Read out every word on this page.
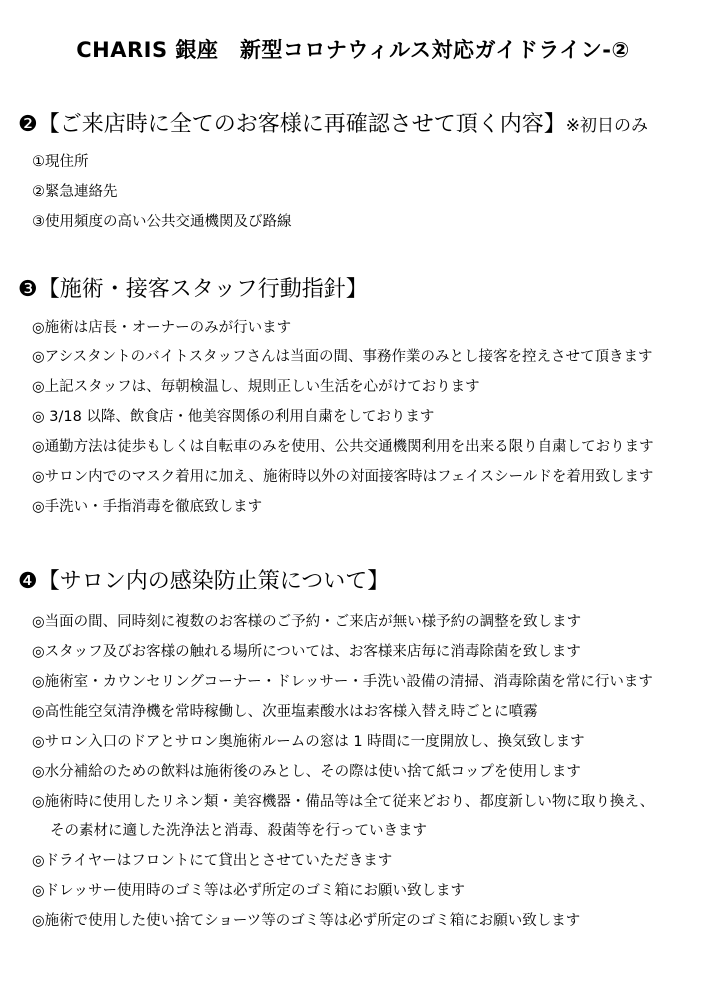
CHARIS 銀座　新型コロナウィルス対応ガイドライン-②
❷【ご来店時に全てのお客様に再確認させて頂く内容】※初日のみ
①現住所
②緊急連絡先
③使用頻度の高い公共交通機関及び路線
❸【施術・接客スタッフ行動指針】
◎施術は店長・オーナーのみが行います
◎アシスタントのバイトスタッフさんは当面の間、事務作業のみとし接客を控えさせて頂きます
◎上記スタッフは、毎朝検温し、規則正しい生活を心がけております
◎ 3/18 以降、飲食店・他美容関係の利用自粛をしております
◎通勤方法は徒歩もしくは自転車のみを使用、公共交通機関利用を出来る限り自粛しております
◎サロン内でのマスク着用に加え、施術時以外の対面接客時はフェイスシールドを着用致します
◎手洗い・手指消毒を徹底致します
❹【サロン内の感染防止策について】
◎当面の間、同時刻に複数のお客様のご予約・ご来店が無い様予約の調整を致します
◎スタッフ及びお客様の触れる場所については、お客様来店毎に消毒除菌を致します
◎施術室・カウンセリングコーナー・ドレッサー・手洗い設備の清掃、消毒除菌を常に行います
◎高性能空気清浄機を常時稼働し、次亜塩素酸水はお客様入替え時ごとに噴霧
◎サロン入口のドアとサロン奥施術ルームの窓は 1 時間に一度開放し、換気致します
◎水分補給のための飲料は施術後のみとし、その際は使い捨て紙コップを使用します
◎施術時に使用したリネン類・美容機器・備品等は全て従来どおり、都度新しい物に取り換え、
その素材に適した洗浄法と消毒、殺菌等を行っていきます
◎ドライヤーはフロントにて貸出とさせていただきます
◎ドレッサー使用時のゴミ等は必ず所定のゴミ箱にお願い致します
◎施術で使用した使い捨てショーツ等のゴミ等は必ず所定のゴミ箱にお願い致します
